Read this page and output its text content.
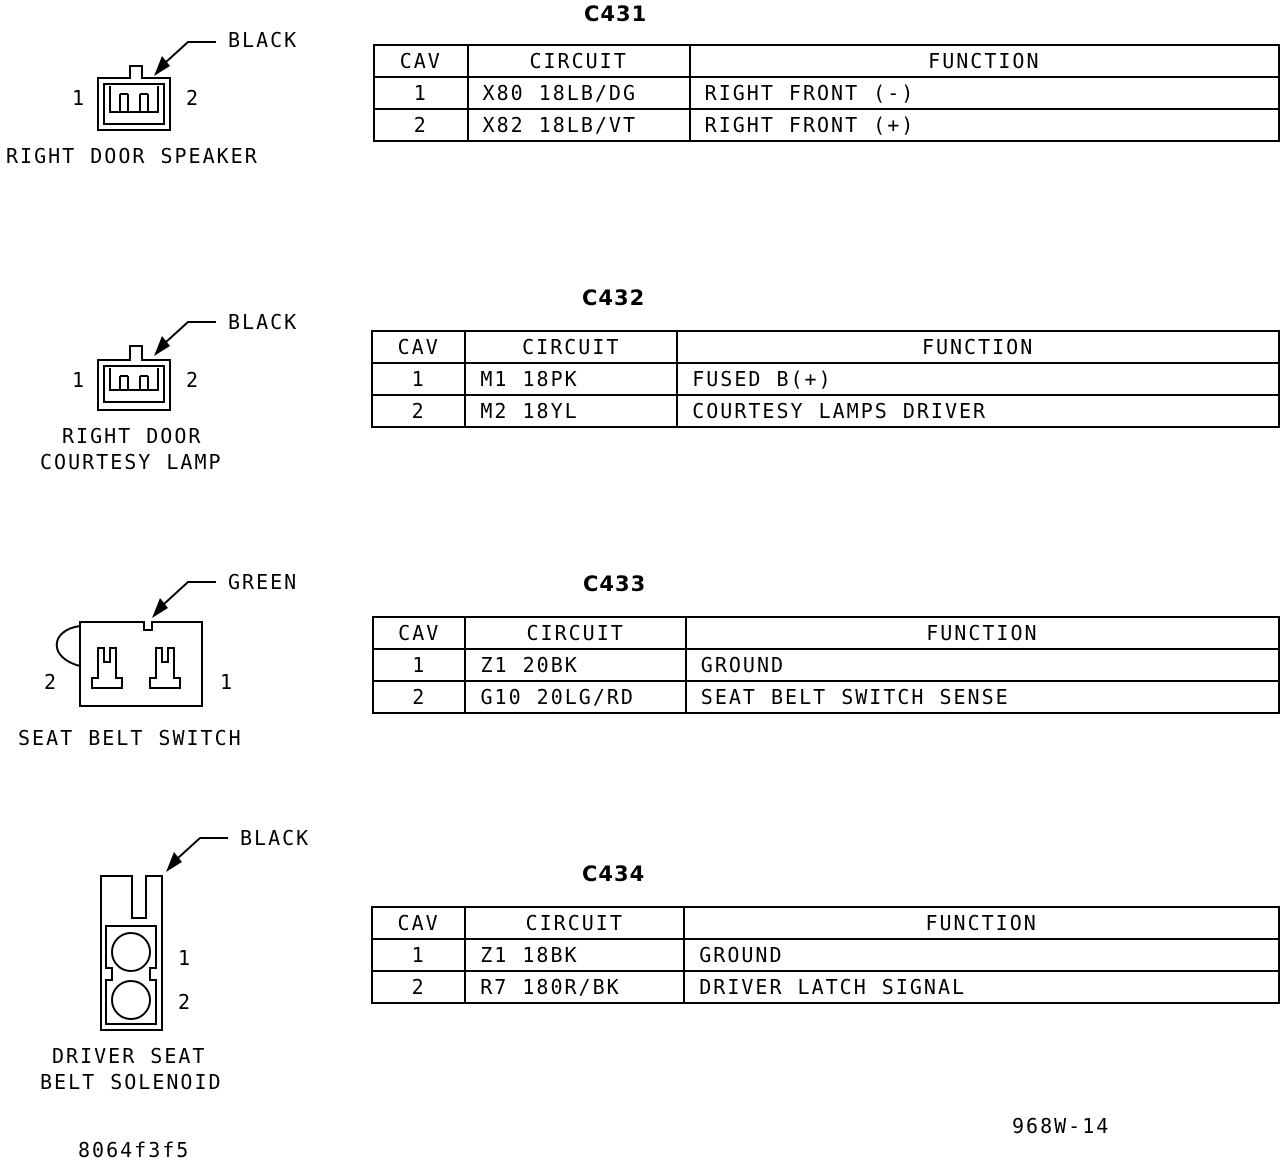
BLACK
1	2
RIGHT DOOR SPEAKER
C431
CAV	CIRCUIT	FUNCTION
1	X80 18LB/DG	RIGHT FRONT (-)
2	X82 18LB/VT	RIGHT FRONT (+)
BLACK
1	2
RIGHT DOOR
COURTESY LAMP
C432
CAV	CIRCUIT	FUNCTION
1	M1 18PK	FUSED B(+)
2	M2 18YL	COURTESY LAMPS DRIVER
GREEN
2	1
SEAT BELT SWITCH
C433
CAV	CIRCUIT	FUNCTION
1	Z1 20BK	GROUND
2	G10 20LG/RD	SEAT BELT SWITCH SENSE
BLACK
1
2
DRIVER SEAT
BELT SOLENOID
C434
CAV	CIRCUIT	FUNCTION
1	Z1 18BK	GROUND
2	R7 180R/BK	DRIVER LATCH SIGNAL
968W-14
8064f3f5
